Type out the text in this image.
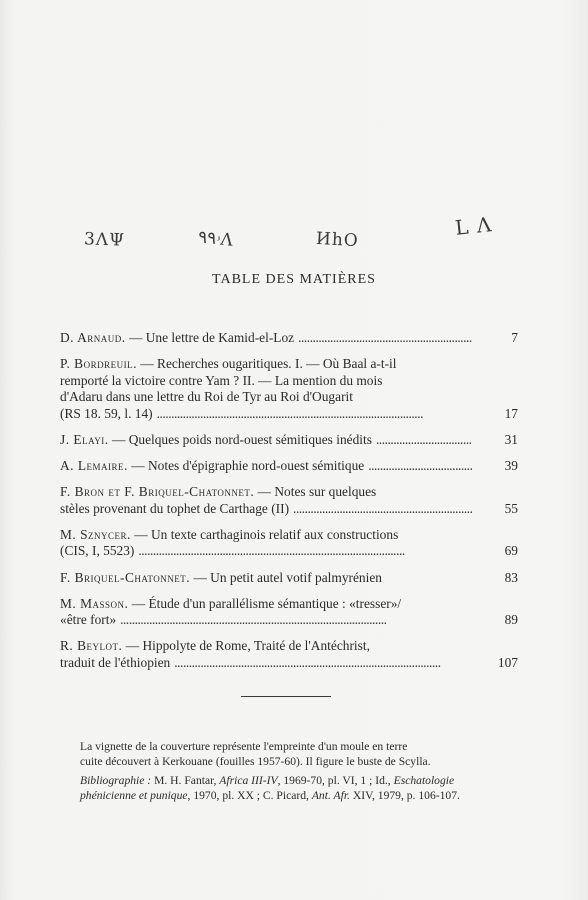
3ΛΨ	ۥ٩٩Ʌ	ИhO
L Λ
TABLE DES MATIÈRES
D. Arnaud. — Une lettre de Kamid-el-Loz . . .	7
P. Bordreuil. — Recherches ougaritiques. I. — Où Baal a-t-il
remporté la victoire contre Yam ? II. — La mention du mois
d'Adaru dans une lettre du Roi de Tyr au Roi d'Ougarit
(RS 18. 59, l. 14) . . .	17
J. Elayi. — Quelques poids nord-ouest sémitiques inédits . . .	31
A. Lemaire. — Notes d'épigraphie nord-ouest sémitique . . .	39
F. Bron et F. Briquel-Chatonnet. — Notes sur quelques
stèles provenant du tophet de Carthage (II) . . .	55
M. Sznycer. — Un texte carthaginois relatif aux constructions
(CIS, I, 5523) . . .	69
F. Briquel-Chatonnet. — Un petit autel votif palmyrénien	83
M. Masson. — Étude d'un parallélisme sémantique : «tresser»/
«être fort» . . .	89
R. Beylot. — Hippolyte de Rome, Traité de l'Antéchrist,
traduit de l'éthiopien . . .	107

La vignette de la couverture représente l'empreinte d'un moule en terre
cuite découvert à Kerkouane (fouilles 1957-60). Il figure le buste de Scylla.

Bibliographie : M. H. Fantar, Africa III-IV, 1969-70, pl. VI, 1 ; Id., Eschatologie
phénicienne et punique, 1970, pl. XX ; C. Picard, Ant. Afr. XIV, 1979, p. 106-107.
